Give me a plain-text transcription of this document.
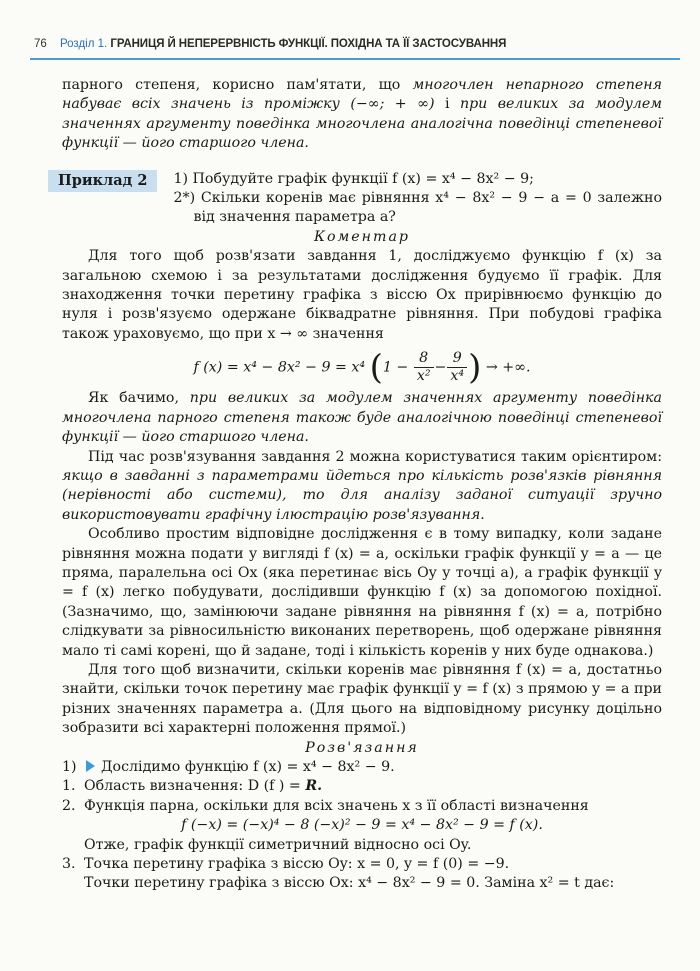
76 Розділ 1. ГРАНИЦЯ Й НЕПЕРЕРВНІСТЬ ФУНКЦІЇ. ПОХІДНА ТА ЇЇ ЗАСТОСУВАННЯ

парного степеня, корисно пам'ятати, що многочлен непарного степеня набуває всіх значень із проміжку (−∞; + ∞) і при великих за модулем значеннях аргументу поведінка многочлена аналогічна поведінці степеневої функції — його старшого члена.

Приклад 2	1) Побудуйте графік функції f (x) = x⁴ − 8x² − 9;

2*) Скільки коренів має рівняння x⁴ − 8x² − 9 − a = 0 залежно від значення параметра a?

Коментар

Для того щоб розв'язати завдання 1, досліджуємо функцію f (x) за загальною схемою і за результатами дослідження будуємо її графік. Для знаходження точки перетину графіка з віссю Ox прирівнюємо функцію до нуля і розв'язуємо одержане біквадратне рівняння. При побудові графіка також ураховуємо, що при x → ∞ значення

f (x) = x⁴ − 8x² − 9 = x⁴ ($1 - \frac{8}{\text{x²}} - \frac{9}{\text{x⁴}}$ ) → +∞.

Як бачимо, при великих за модулем значеннях аргументу поведінка многочлена парного степеня також буде аналогічною поведінці степеневої функції — його старшого члена.

Під час розв'язування завдання 2 можна користуватися таким орієнтиром: якщо в завданні з параметрами йдеться про кількість розв'язків рівняння (нерівності або системи), то для аналізу заданої ситуації зручно використовувати графічну ілюстрацію розв'язування.

Особливо простим відповідне дослідження є в тому випадку, коли задане рівняння можна подати у вигляді f (x) = a, оскільки графік функції y = a — це пряма, паралельна осі Ox (яка перетинає вісь Oy у точці a), а графік функції y = f (x) легко побудувати, дослідивши функцію f (x) за допомогою похідної. (Зазначимо, що, замінюючи задане рівняння на рівняння f (x) = a, потрібно слідкувати за рівносильністю виконаних перетворень, щоб одержане рівняння мало ті самі корені, що й задане, тоді і кількість коренів у них буде однакова.)

Для того щоб визначити, скільки коренів має рівняння f (x) = a, достатньо знайти, скільки точок перетину має графік функції y = f (x) з прямою y = a при різних значеннях параметра a. (Для цього на відповідному рисунку доцільно зобразити всі характерні положення прямої.)

Розв'язання

1)	Дослідимо функцію f (x) = x⁴ − 8x² − 9.
1. Область визначення: D (f ) = R.
2. Функція парна, оскільки для всіх значень x з її області визначення

f (−x) = (−x)⁴ − 8 (−x)² − 9 = x⁴ − 8x² − 9 = f (x).

Отже, графік функції симетричний відносно осі Oy.

3. Точка перетину графіка з віссю Oy: x = 0, y = f (0) = −9.

Точки перетину графіка з віссю Ox: x⁴ − 8x² − 9 = 0. Заміна x² = t дає:
